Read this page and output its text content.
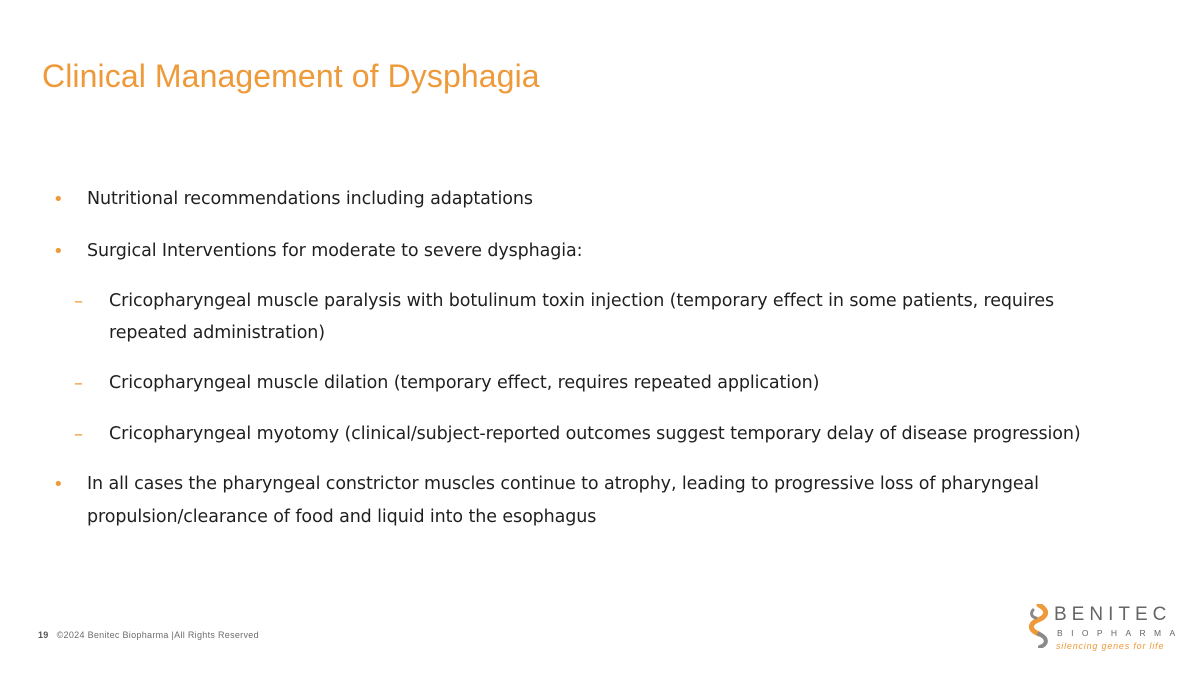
Clinical Management of Dysphagia
• Nutritional recommendations including adaptations
• Surgical Interventions for moderate to severe dysphagia:
– Cricopharyngeal muscle paralysis with botulinum toxin injection (temporary effect in some patients, requires
repeated administration)
– Cricopharyngeal muscle dilation (temporary effect, requires repeated application)
– Cricopharyngeal myotomy (clinical/subject-reported outcomes suggest temporary delay of disease progression)
• In all cases the pharyngeal constrictor muscles continue to atrophy, leading to progressive loss of pharyngeal
propulsion/clearance of food and liquid into the esophagus
19 ©2024 Benitec Biopharma |All Rights Reserved
BENITEC
BIOPHARMA
silencing genes for life
